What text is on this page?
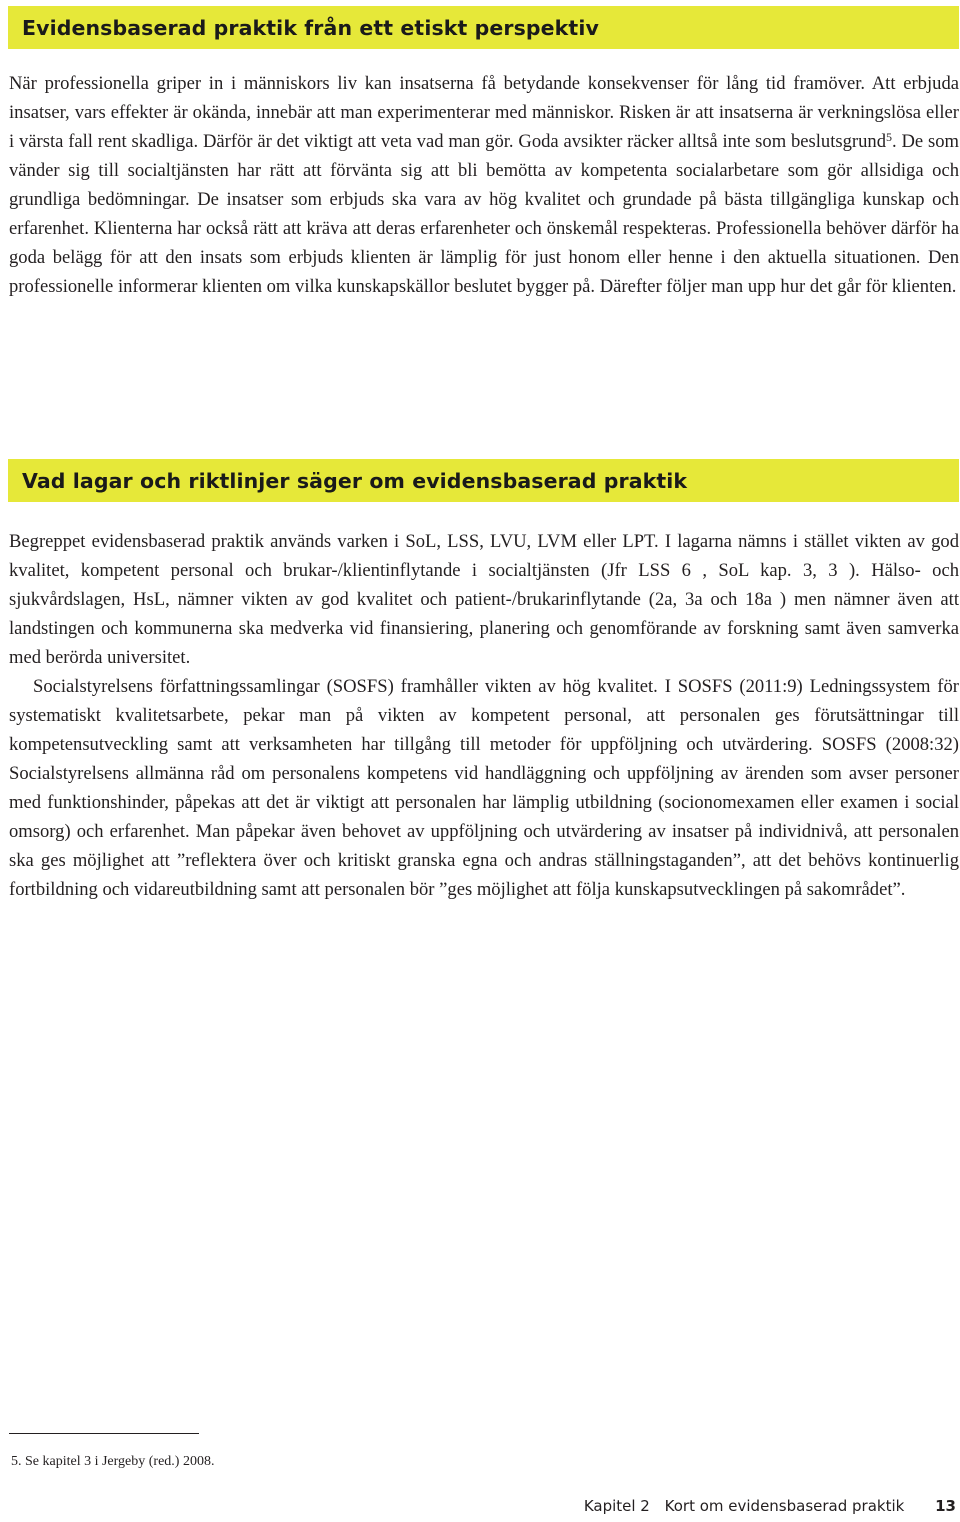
Evidensbaserad praktik från ett etiskt perspektiv

När professionella griper in i människors liv kan insatserna få betydande konsekvenser för lång tid framöver. Att erbjuda insatser, vars effekter är okända, innebär att man experimenterar med människor. Risken är att insatserna är verkningslösa eller i värsta fall rent skadliga. Därför är det viktigt att veta vad man gör. Goda avsikter räcker alltså inte som beslutsgrund$^5$. De som vänder sig till socialtjänsten har rätt att förvänta sig att bli bemötta av kompetenta socialarbetare som gör allsidiga och grundliga bedömningar. De insatser som erbjuds ska vara av hög kvalitet och grundade på bästa tillgängliga kunskap och erfarenhet. Klienterna har också rätt att kräva att deras erfarenheter och önskemål respekteras. Professionella behöver därför ha goda belägg för att den insats som erbjuds klienten är lämplig för just honom eller henne i den aktuella situationen. Den professionelle informerar klienten om vilka kunskapskällor beslutet bygger på. Därefter följer man upp hur det går för klienten.

Vad lagar och riktlinjer säger om evidensbaserad praktik

Begreppet evidensbaserad praktik används varken i SoL, LSS, LVU, LVM eller LPT. I lagarna nämns i stället vikten av god kvalitet, kompetent personal och brukar-/klientinflytande i socialtjänsten (Jfr LSS 6 , SoL kap. 3, 3 ). Hälso- och sjukvårdslagen, HsL, nämner vikten av god kvalitet och patient-/brukarinflytande (2a, 3a och 18a ) men nämner även att landstingen och kommunerna ska medverka vid finansiering, planering och genomförande av forskning samt även samverka med berörda universitet.

Socialstyrelsens författningssamlingar (SOSFS) framhåller vikten av hög kvalitet. I SOSFS (2011:9) Ledningssystem för systematiskt kvalitetsarbete, pekar man på vikten av kompetent personal, att personalen ges förutsättningar till kompetensutveckling samt att verksamheten har tillgång till metoder för uppföljning och utvärdering. SOSFS (2008:32) Socialstyrelsens allmänna råd om personalens kompetens vid handläggning och uppföljning av ärenden som avser personer med funktionshinder, påpekas att det är viktigt att personalen har lämplig utbildning (socionomexamen eller examen i social omsorg) och erfarenhet. Man påpekar även behovet av uppföljning och utvärdering av insatser på individnivå, att personalen ska ges möjlighet att ”reflektera över och kritiskt granska egna och andras ställningstaganden”, att det behövs kontinuerlig fortbildning och vidareutbildning samt att personalen bör ”ges möjlighet att följa kunskapsutvecklingen på sakområdet”.

5. Se kapitel 3 i Jergeby (red.) 2008.
Kapitel 2 Kort om evidensbaserad praktik 13
